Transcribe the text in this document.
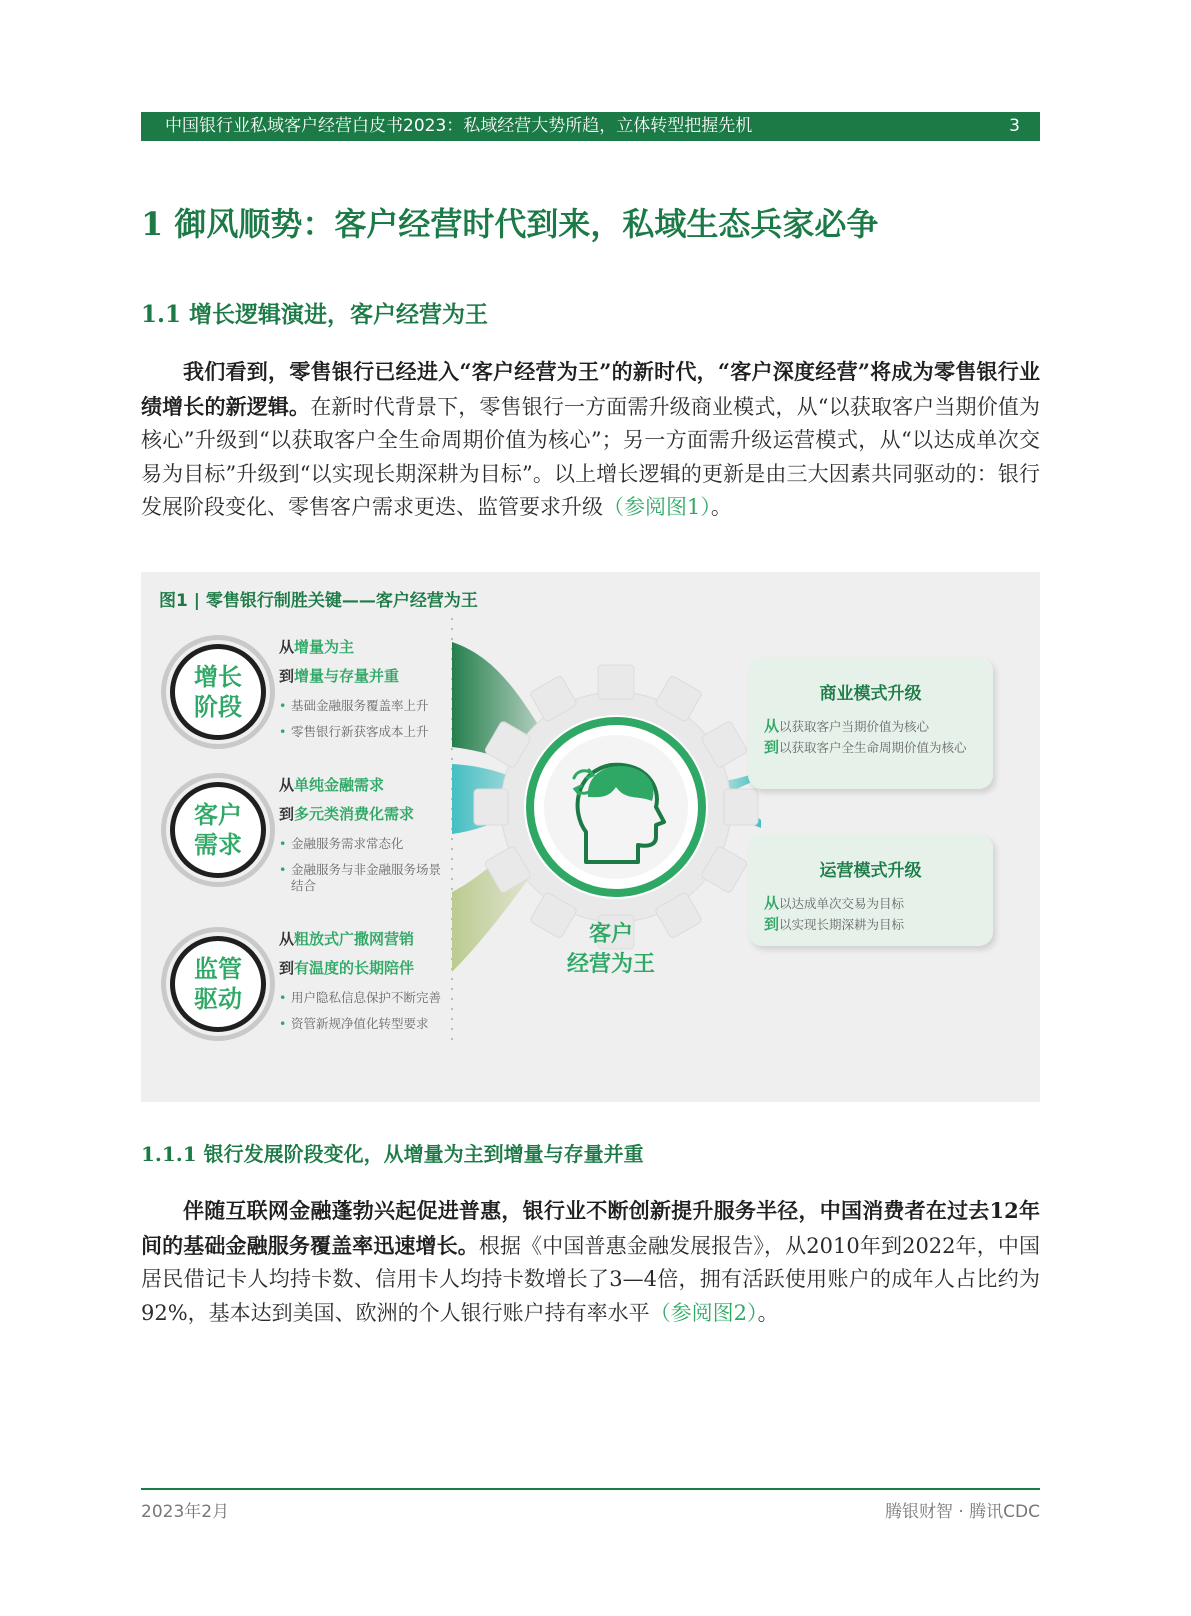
中国银行业私域客户经营白皮书2023：私域经营大势所趋，立体转型把握先机	3
1 御风顺势：客户经营时代到来，私域生态兵家必争
1.1 增长逻辑演进，客户经营为王

我们看到，零售银行已经进入“客户经营为王”的新时代，“客户深度经营”将成为零售银行业绩增长的新逻辑。在新时代背景下，零售银行一方面需升级商业模式，从“以获取客户当期价值为核心”升级到“以获取客户全生命周期价值为核心”；另一方面需升级运营模式，从“以达成单次交易为目标”升级到“以实现长期深耕为目标”。以上增长逻辑的更新是由三大因素共同驱动的：银行发展阶段变化、零售客户需求更迭、监管要求升级（参阅图1）。

图1 | 零售银行制胜关键——客户经营为王
增长
阶段
从增量为主
到增量与存量并重
• 基础金融服务覆盖率上升
• 零售银行新获客成本上升
客户
需求
从单纯金融需求
到多元类消费化需求
• 金融服务需求常态化
• 金融服务与非金融服务场景结合
监管
驱动
从粗放式广撒网营销
到有温度的长期陪伴
• 用户隐私信息保护不断完善
• 资管新规净值化转型要求
客户
经营为王
商业模式升级
从以获取客户当期价值为核心
到以获取客户全生命周期价值为核心
运营模式升级
从以达成单次交易为目标
到以实现长期深耕为目标
1.1.1 银行发展阶段变化，从增量为主到增量与存量并重

伴随互联网金融蓬勃兴起促进普惠，银行业不断创新提升服务半径，中国消费者在过去12年间的基础金融服务覆盖率迅速增长。根据《中国普惠金融发展报告》，从2010年到2022年，中国居民借记卡人均持卡数、信用卡人均持卡数增长了3—4倍，拥有活跃使用账户的成年人占比约为92%，基本达到美国、欧洲的个人银行账户持有率水平（参阅图2）。

2023年2月	腾银财智 · 腾讯CDC
